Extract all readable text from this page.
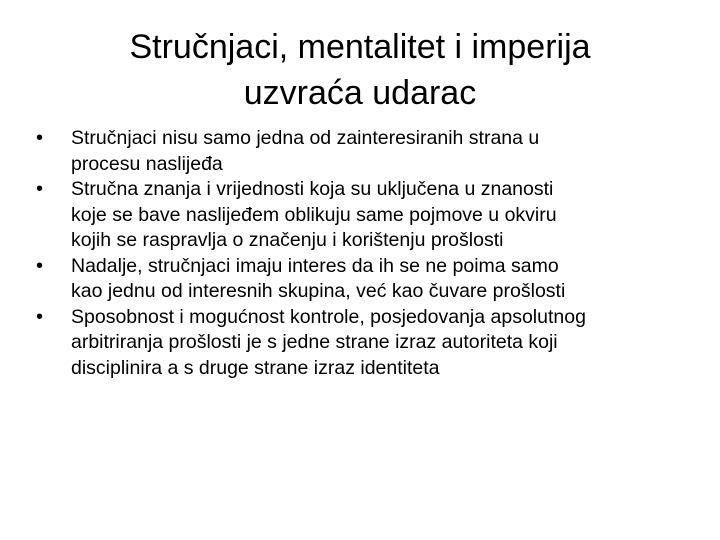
Stručnjaci, mentalitet i imperija
uzvraća udarac
• Stručnjaci nisu samo jedna od zainteresiranih strana u
procesu naslijeđa
• Stručna znanja i vrijednosti koja su uključena u znanosti
koje se bave naslijeđem oblikuju same pojmove u okviru
kojih se raspravlja o značenju i korištenju prošlosti
• Nadalje, stručnjaci imaju interes da ih se ne poima samo
kao jednu od interesnih skupina, već kao čuvare prošlosti
• Sposobnost i mogućnost kontrole, posjedovanja apsolutnog
arbitriranja prošlosti je s jedne strane izraz autoriteta koji
disciplinira a s druge strane izraz identiteta
